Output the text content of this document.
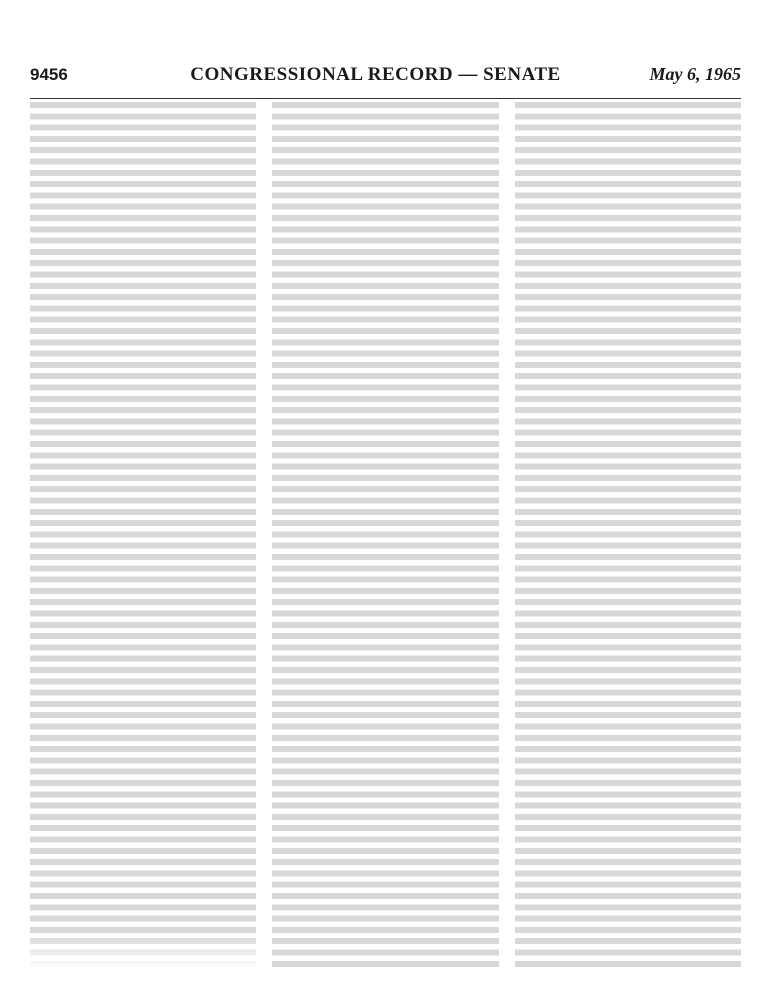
9456	CONGRESSIONAL RECORD — SENATE	May 6, 1965
